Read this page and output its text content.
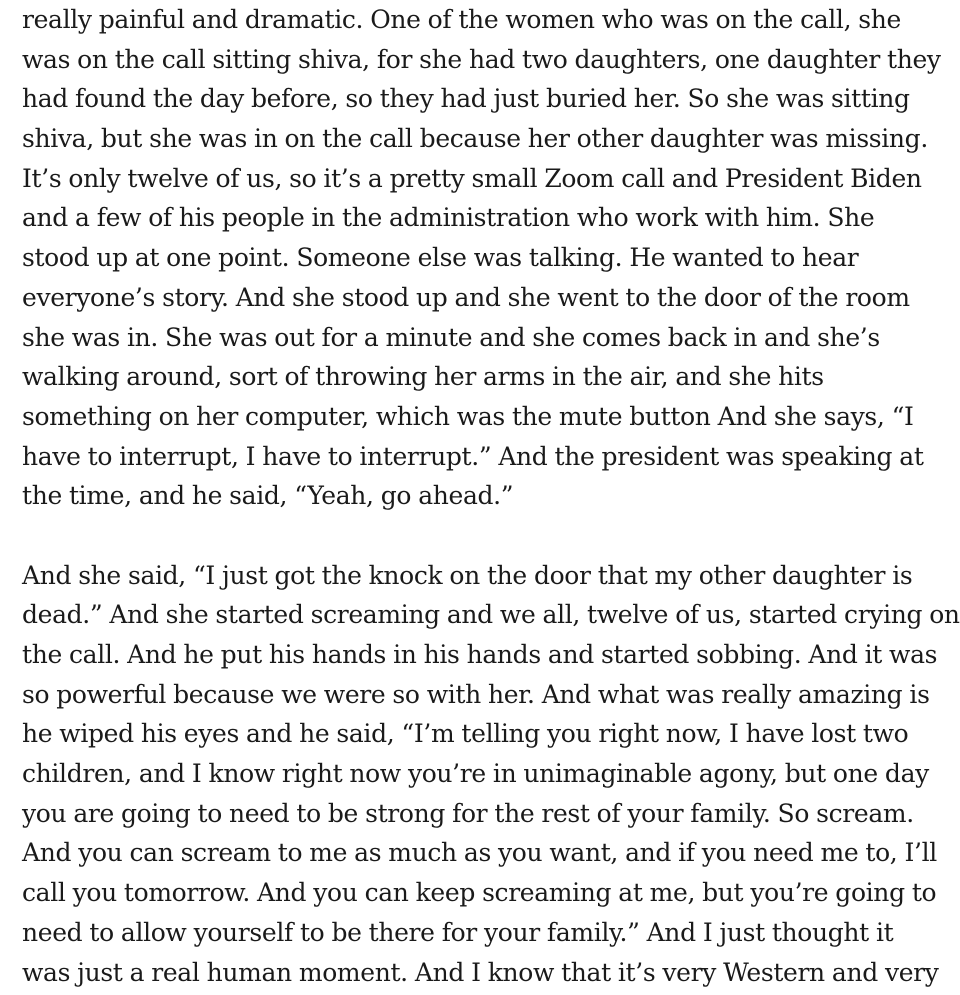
really painful and dramatic. One of the women who was on the call, she
was on the call sitting shiva, for she had two daughters, one daughter they
had found the day before, so they had just buried her. So she was sitting
shiva, but she was in on the call because her other daughter was missing.
It’s only twelve of us, so it’s a pretty small Zoom call and President Biden
and a few of his people in the administration who work with him. She
stood up at one point. Someone else was talking. He wanted to hear
everyone’s story. And she stood up and she went to the door of the room
she was in. She was out for a minute and she comes back in and she’s
walking around, sort of throwing her arms in the air, and she hits
something on her computer, which was the mute button And she says, “I
have to interrupt, I have to interrupt.” And the president was speaking at
the time, and he said, “Yeah, go ahead.”

And she said, “I just got the knock on the door that my other daughter is
dead.” And she started screaming and we all, twelve of us, started crying on
the call. And he put his hands in his hands and started sobbing. And it was
so powerful because we were so with her. And what was really amazing is
he wiped his eyes and he said, “I’m telling you right now, I have lost two
children, and I know right now you’re in unimaginable agony, but one day
you are going to need to be strong for the rest of your family. So scream.
And you can scream to me as much as you want, and if you need me to, I’ll
call you tomorrow. And you can keep screaming at me, but you’re going to
need to allow yourself to be there for your family.” And I just thought it
was just a real human moment. And I know that it’s very Western and very
